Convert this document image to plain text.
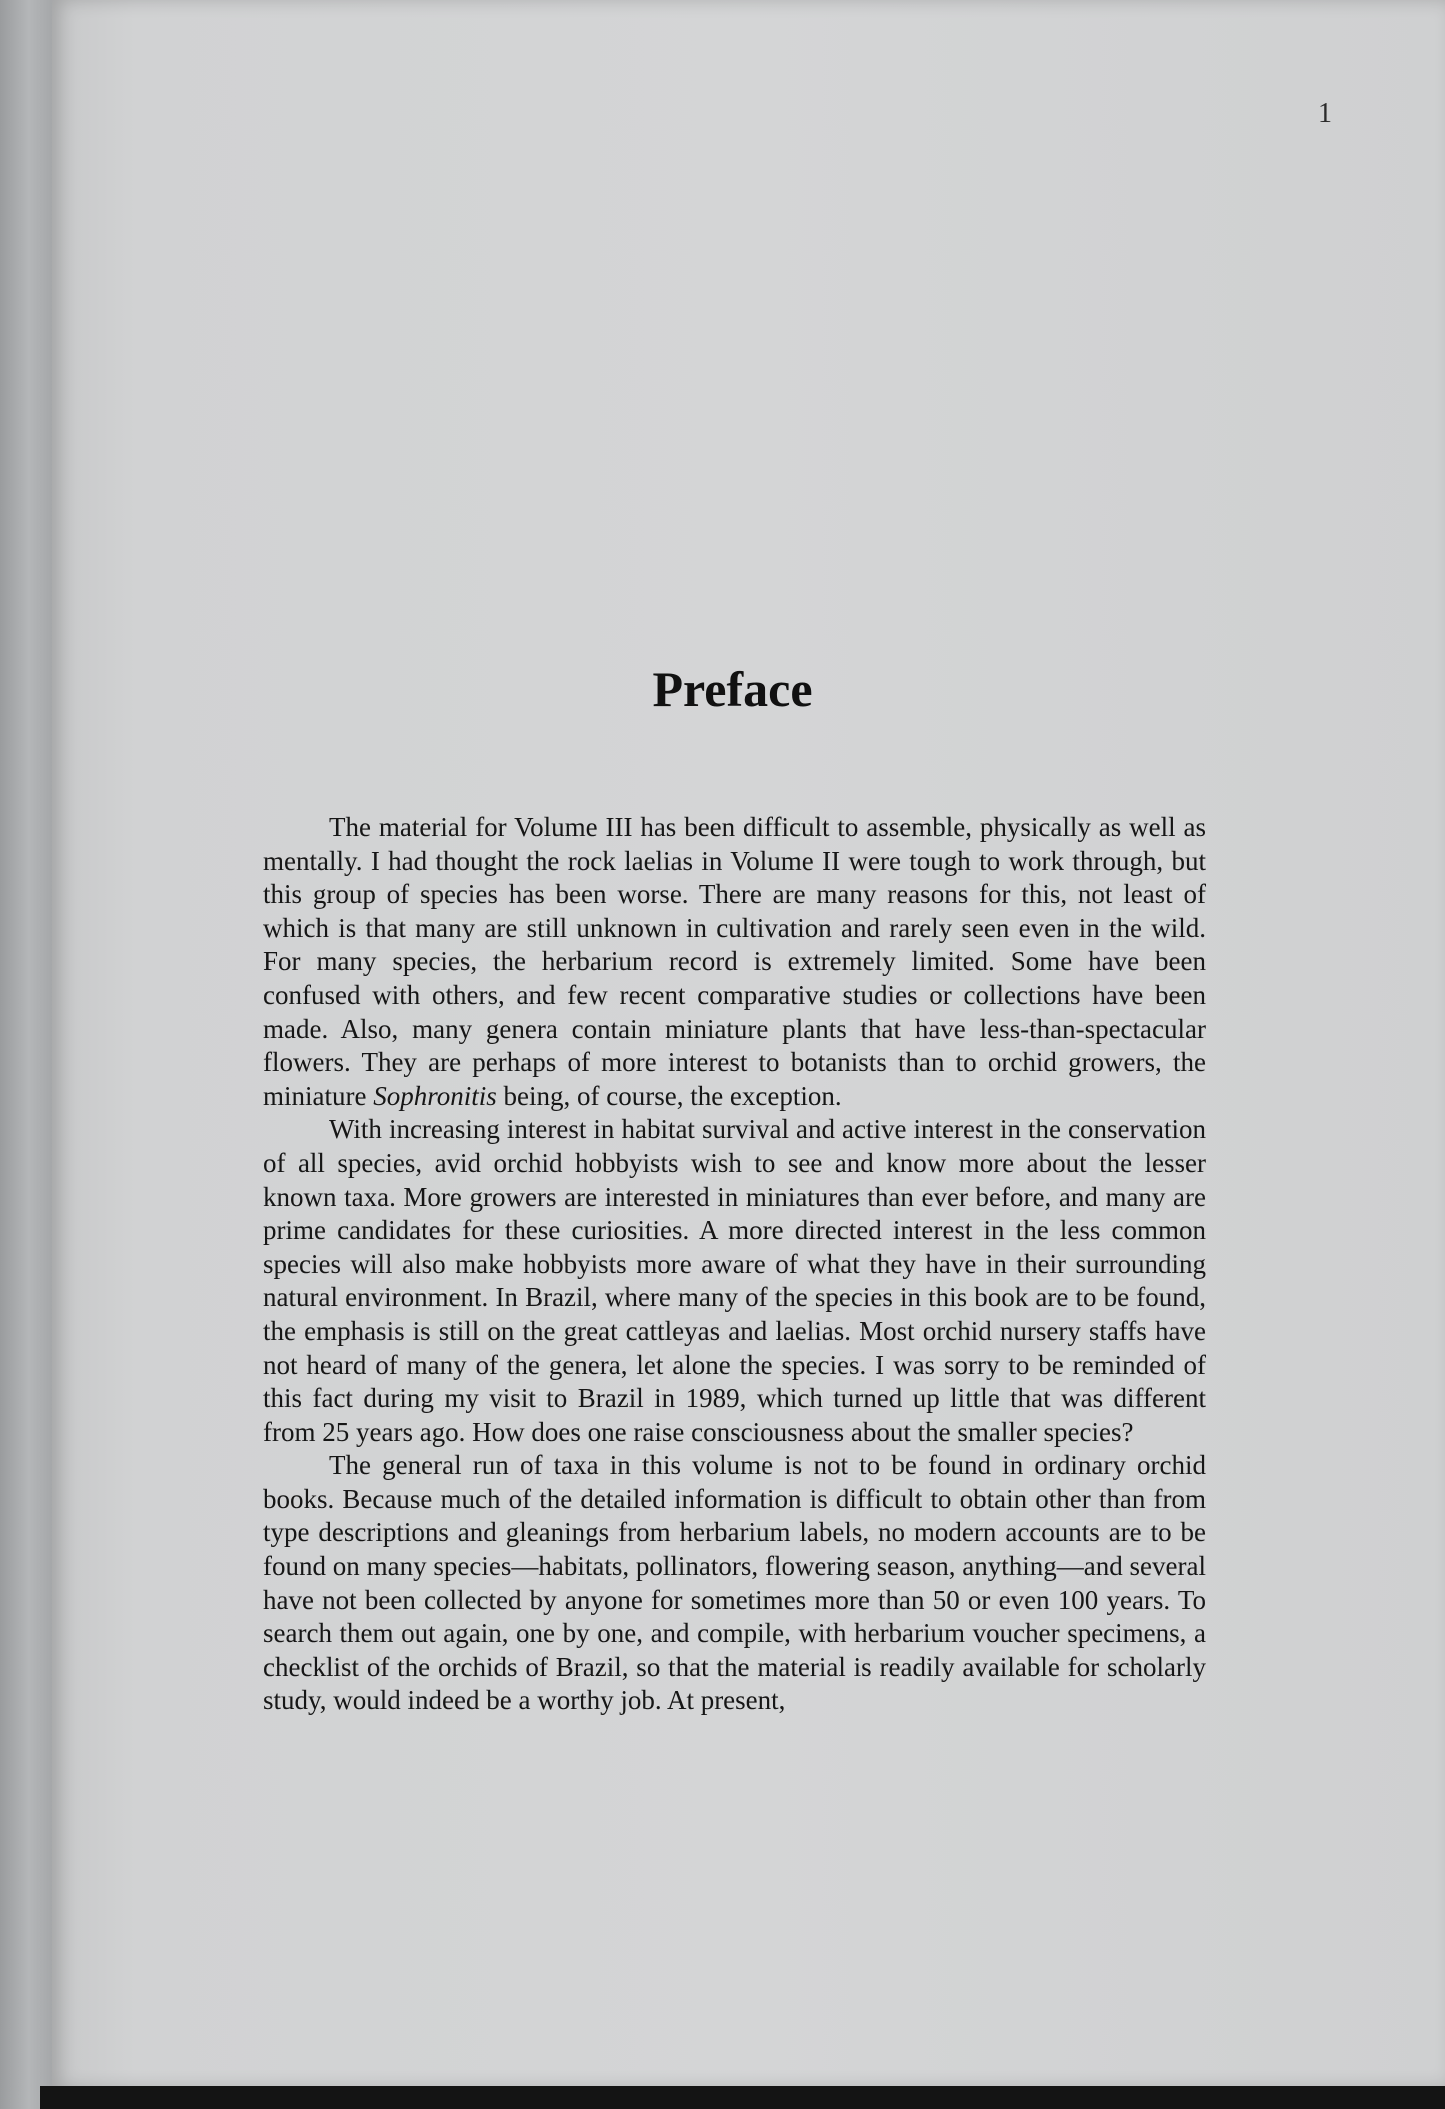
1
Preface

The material for Volume III has been difficult to assemble, physically as well as mentally. I had thought the rock laelias in Volume II were tough to work through, but this group of species has been worse. There are many reasons for this, not least of which is that many are still unknown in cultivation and rarely seen even in the wild. For many species, the herbarium record is extremely limited. Some have been confused with others, and few recent comparative studies or collections have been made. Also, many genera contain miniature plants that have less-than-spectacular flowers. They are perhaps of more interest to botanists than to orchid growers, the miniature Sophronitis being, of course, the exception.

With increasing interest in habitat survival and active interest in the conservation of all species, avid orchid hobbyists wish to see and know more about the lesser known taxa. More growers are interested in miniatures than ever before, and many are prime candidates for these curiosities. A more directed interest in the less common species will also make hobbyists more aware of what they have in their surrounding natural environment. In Brazil, where many of the species in this book are to be found, the emphasis is still on the great cattleyas and laelias. Most orchid nursery staffs have not heard of many of the genera, let alone the species. I was sorry to be reminded of this fact during my visit to Brazil in 1989, which turned up little that was different from 25 years ago. How does one raise consciousness about the smaller species?

The general run of taxa in this volume is not to be found in ordinary orchid books. Because much of the detailed information is difficult to obtain other than from type descriptions and gleanings from herbarium labels, no modern accounts are to be found on many species—habitats, pollinators, flowering season, anything—and several have not been collected by anyone for sometimes more than 50 or even 100 years. To search them out again, one by one, and compile, with herbarium voucher specimens, a checklist of the orchids of Brazil, so that the material is readily available for scholarly study, would indeed be a worthy job. At present,
